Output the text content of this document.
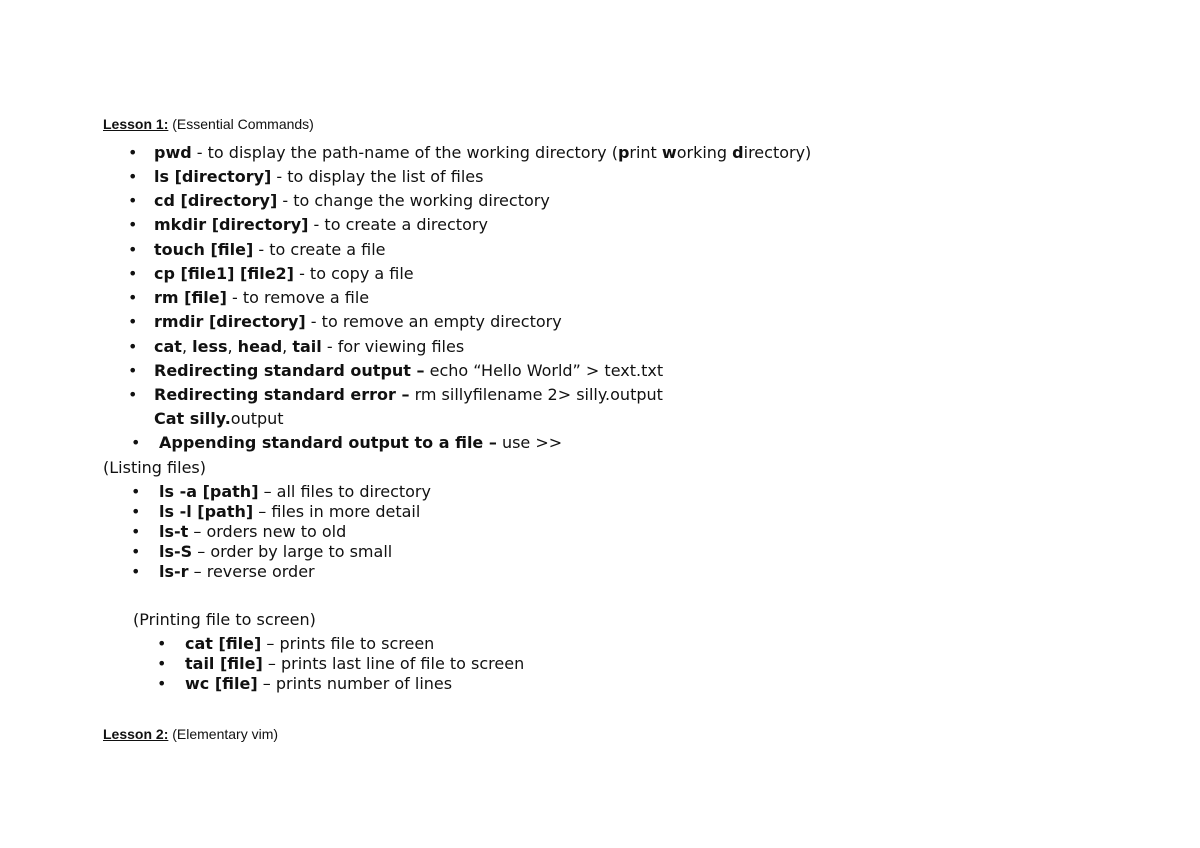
Lesson 1: (Essential Commands)
• pwd - to display the path-name of the working directory (print working directory)
• ls [directory] - to display the list of files
• cd [directory] - to change the working directory
• mkdir [directory] - to create a directory
• touch [file] - to create a file
• cp [file1] [file2] - to copy a file
• rm [file] - to remove a file
• rmdir [directory] - to remove an empty directory
• cat, less, head, tail - for viewing files
• Redirecting standard output – echo “Hello World” > text.txt
• Redirecting standard error – rm sillyfilename 2> silly.output
Cat silly.output
• Appending standard output to a file – use >>
(Listing files)
• ls -a [path] – all files to directory
• ls -l [path] – files in more detail
• ls-t – orders new to old
• ls-S – order by large to small
• ls-r – reverse order
(Printing file to screen)
• cat [file] – prints file to screen
• tail [file] – prints last line of file to screen
• wc [file] – prints number of lines
Lesson 2: (Elementary vim)
